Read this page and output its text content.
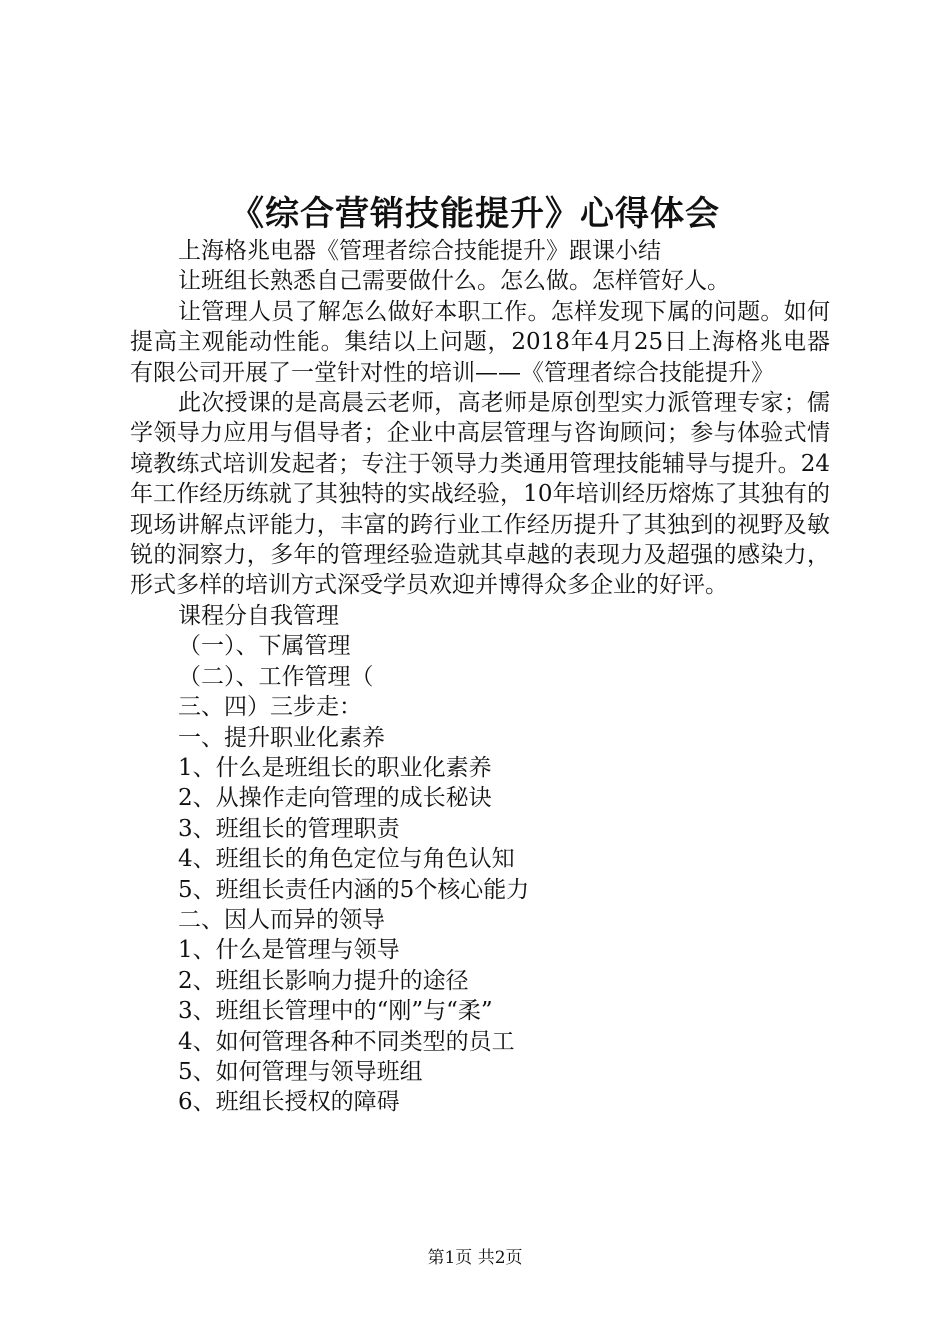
《综合营销技能提升》心得体会

上海格兆电器《管理者综合技能提升》跟课小结

让班组长熟悉自己需要做什么。怎么做。怎样管好人。

让管理人员了解怎么做好本职工作。怎样发现下属的问题。如何提高主观能动性能。集结以上问题，2018年4月25日上海格兆电器有限公司开展了一堂针对性的培训——《管理者综合技能提升》

此次授课的是高晨云老师，高老师是原创型实力派管理专家；儒学领导力应用与倡导者；企业中高层管理与咨询顾问；参与体验式情境教练式培训发起者；专注于领导力类通用管理技能辅导与提升。24年工作经历练就了其独特的实战经验，10年培训经历熔炼了其独有的现场讲解点评能力，丰富的跨行业工作经历提升了其独到的视野及敏锐的洞察力，多年的管理经验造就其卓越的表现力及超强的感染力，形式多样的培训方式深受学员欢迎并博得众多企业的好评。

课程分自我管理

（一）、下属管理

（二）、工作管理（

三、四）三步走：

一、提升职业化素养

1、什么是班组长的职业化素养

2、从操作走向管理的成长秘诀

3、班组长的管理职责

4、班组长的角色定位与角色认知

5、班组长责任内涵的5个核心能力

二、因人而异的领导

1、什么是管理与领导

2、班组长影响力提升的途径

3、班组长管理中的“刚”与“柔”

4、如何管理各种不同类型的员工

5、如何管理与领导班组

6、班组长授权的障碍

第1页 共2页
